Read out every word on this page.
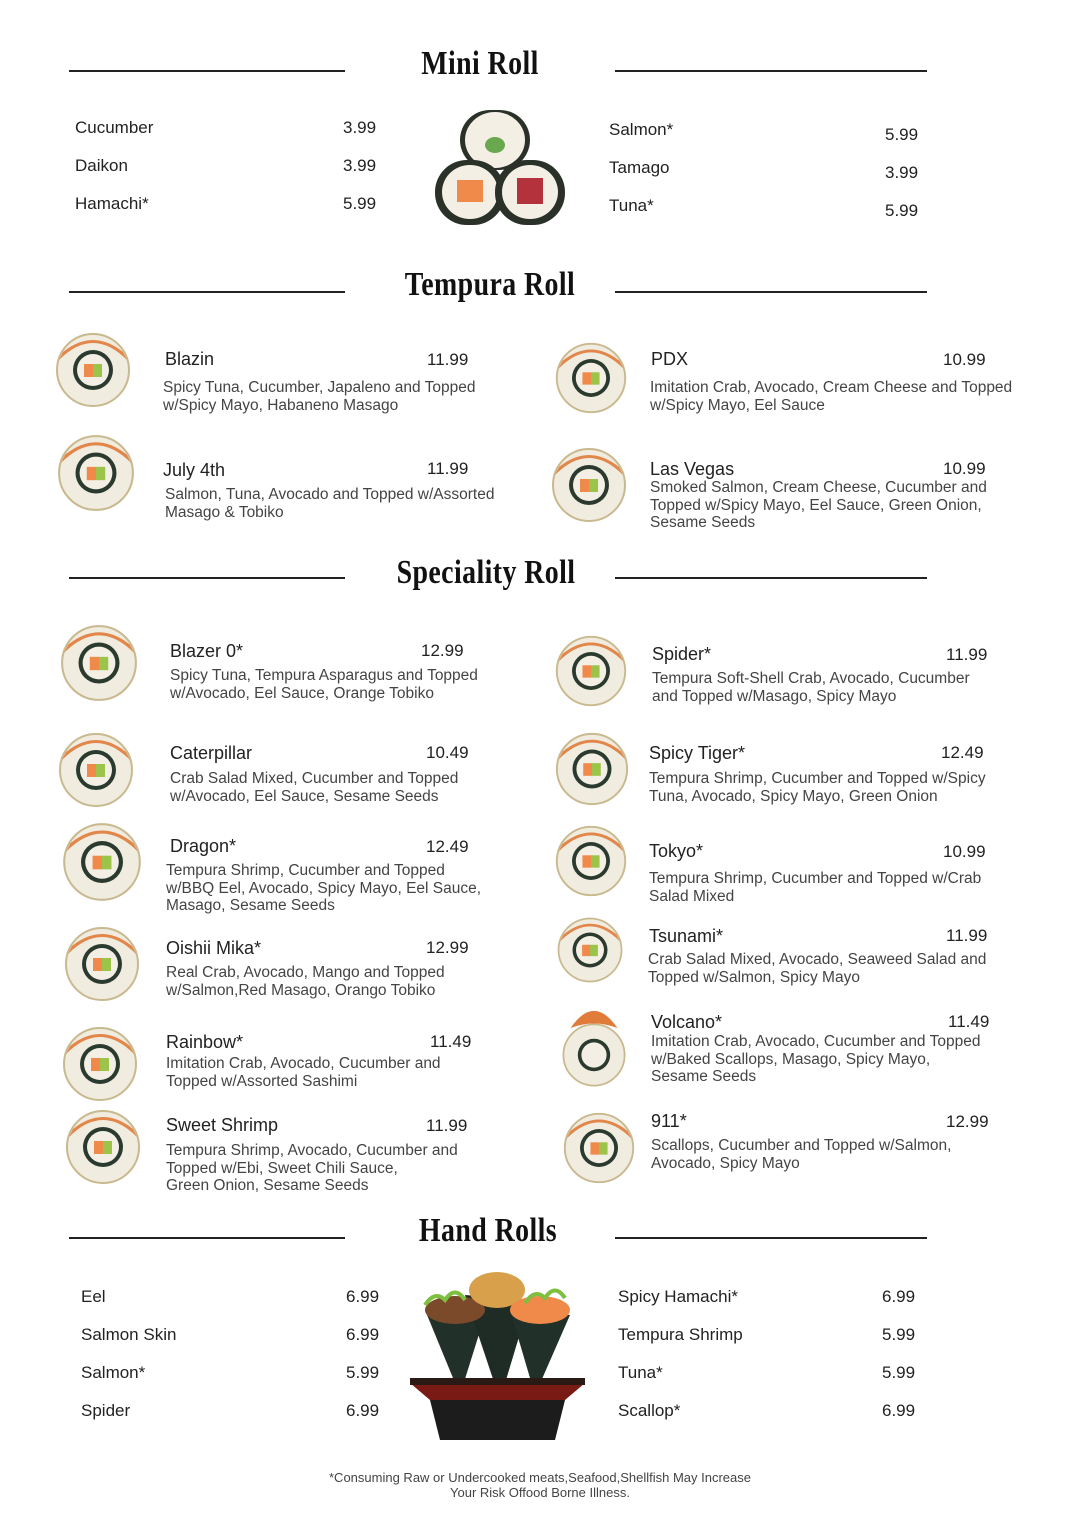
Mini Roll
Cucumber	3.99
Daikon	3.99
Hamachi*	5.99
Salmon*	5.99
Tamago	3.99
Tuna*	5.99
Tempura Roll
Blazin	11.99
Spicy Tuna, Cucumber, Japaleno and Topped
w/Spicy Mayo, Habaneno Masago
PDX	10.99
Imitation Crab, Avocado, Cream Cheese and Topped
w/Spicy Mayo, Eel Sauce
July 4th	11.99
Salmon, Tuna, Avocado and Topped w/Assorted
Masago & Tobiko
Las Vegas	10.99
Smoked Salmon, Cream Cheese, Cucumber and
Topped w/Spicy Mayo, Eel Sauce, Green Onion,
Sesame Seeds
Speciality Roll
Blazer 0*	12.99
Spicy Tuna, Tempura Asparagus and Topped
w/Avocado, Eel Sauce, Orange Tobiko
Spider*	11.99
Tempura Soft-Shell Crab, Avocado, Cucumber
and Topped w/Masago, Spicy Mayo
Caterpillar	10.49
Crab Salad Mixed, Cucumber and Topped
w/Avocado, Eel Sauce, Sesame Seeds
Spicy Tiger*	12.49
Tempura Shrimp, Cucumber and Topped w/Spicy
Tuna, Avocado, Spicy Mayo, Green Onion
Dragon*	12.49
Tempura Shrimp, Cucumber and Topped
w/BBQ Eel, Avocado, Spicy Mayo, Eel Sauce,
Masago, Sesame Seeds
Tokyo*	10.99
Tempura Shrimp, Cucumber and Topped w/Crab
Salad Mixed
Oishii Mika*	12.99
Real Crab, Avocado, Mango and Topped
w/Salmon,Red Masago, Orango Tobiko
Tsunami*	11.99
Crab Salad Mixed, Avocado, Seaweed Salad and
Topped w/Salmon, Spicy Mayo
Rainbow*	11.49
Imitation Crab, Avocado, Cucumber and
Topped w/Assorted Sashimi
Volcano*	11.49
Imitation Crab, Avocado, Cucumber and Topped
w/Baked Scallops, Masago, Spicy Mayo,
Sesame Seeds
Sweet Shrimp	11.99
Tempura Shrimp, Avocado, Cucumber and
Topped w/Ebi, Sweet Chili Sauce,
Green Onion, Sesame Seeds
911*	12.99
Scallops, Cucumber and Topped w/Salmon,
Avocado, Spicy Mayo
Hand Rolls
Eel	6.99
Salmon Skin	6.99
Salmon*	5.99
Spider	6.99
Spicy Hamachi*	6.99
Tempura Shrimp	5.99
Tuna*	5.99
Scallop*	6.99
*Consuming Raw or Undercooked meats,Seafood,Shellfish May Increase
Your Risk Offood Borne Illness.
